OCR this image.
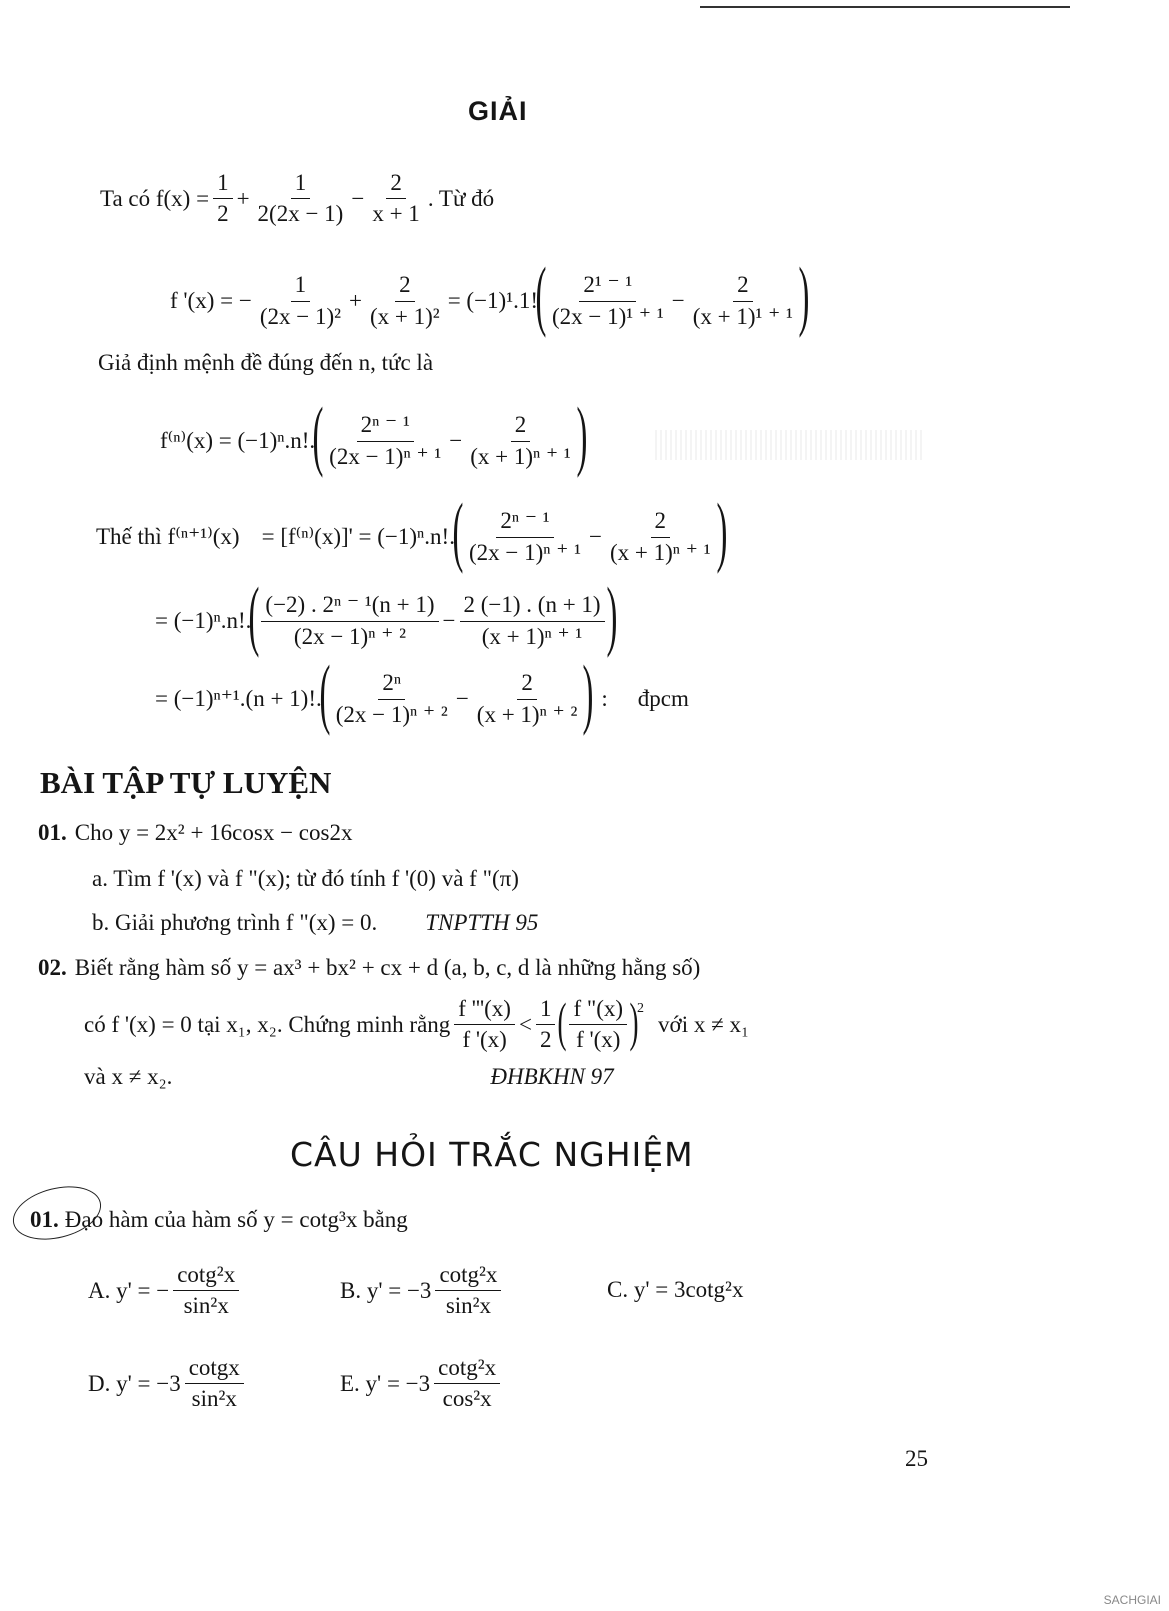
GIẢI
Ta có $f(x) = \frac{1}{2} + \frac{1}{2(2x - 1)} - \frac{2}{x + 1}$ . Từ đó
f '(x) = − $\frac{1}{\text{(2x − 1)²}} + \frac{2}{\text{(x + 1)²}} = (-1)^1.1$!
( $\frac{\text{2¹ ⁻ ¹}}{\text{(2x − 1)¹ ⁺ ¹}} - \frac{2}{\text{(x + 1)¹ ⁺ ¹}}$ )
Giả định mệnh đề đúng đến n, tức là
f⁽ⁿ⁾(x) = (−1)ⁿ.n!.
( $\frac{\text{2ⁿ ⁻ ¹}}{\text{(2x − 1)ⁿ ⁺ ¹}} - \frac{2}{\text{(x + 1)ⁿ ⁺ ¹}}$ )
Thế thì f⁽ⁿ⁺¹⁾(x) = [f⁽ⁿ⁾(x)]' = (−1)ⁿ.n!.
( $\frac{\text{2ⁿ ⁻ ¹}}{\text{(2x − 1)ⁿ ⁺ ¹}} - \frac{2}{\text{(x + 1)ⁿ ⁺ ¹}}$ )
= (−1)ⁿ.n!.
( $\frac{\text{(−2) . 2ⁿ ⁻ ¹(n + 1)}}{\text{(2x − 1)ⁿ ⁺ ²}} - \frac{2 (-1) . (n + 1)}{\text{(x + 1)ⁿ ⁺ ¹}}$ )
= (−1)ⁿ⁺¹.(n + 1)!.
( $\frac{\text{2ⁿ}}{\text{(2x − 1)ⁿ ⁺ ²}} - \frac{2}{\text{(x + 1)ⁿ ⁺ ²}}$ ) : đpcm
BÀI TẬP TỰ LUYỆN
01. Cho y = 2x² + 16cosx − cos2x
a. Tìm f '(x) và f "(x); từ đó tính f '(0) và f "(π)
b. Giải phương trình f "(x) = 0. TNPTTH 95
02. Biết rằng hàm số y = ax³ + bx² + cx + d (a, b, c, d là những hằng số)
có f '(x) = 0 tại x₁, x₂. Chứng minh rằng $\frac{f '''(x)}{f '(x)} < \frac{1}{2}$ ( $\frac{f "(x)}{f '(x)}$ )
$^2$
với x ≠ x₁
và x ≠ x₂.	ĐHBKHN 97
CÂU HỎI TRẮC NGHIỆM
01. Đạo hàm của hàm số y = cotg³x bằng
A. y' = − $\frac{\text{cotg²x}}{\text{sin²x}}$	B. $y' = -3 \frac{\text{cotg²x}}{\text{sin²x}}$	C. y' = 3cotg²x
D. $y' = -3 \frac{\text{cotgx}}{\text{sin²x}}$	E. $y' = -3 \frac{\text{cotg²x}}{\text{cos²x}}$
25
SACHGIAI
